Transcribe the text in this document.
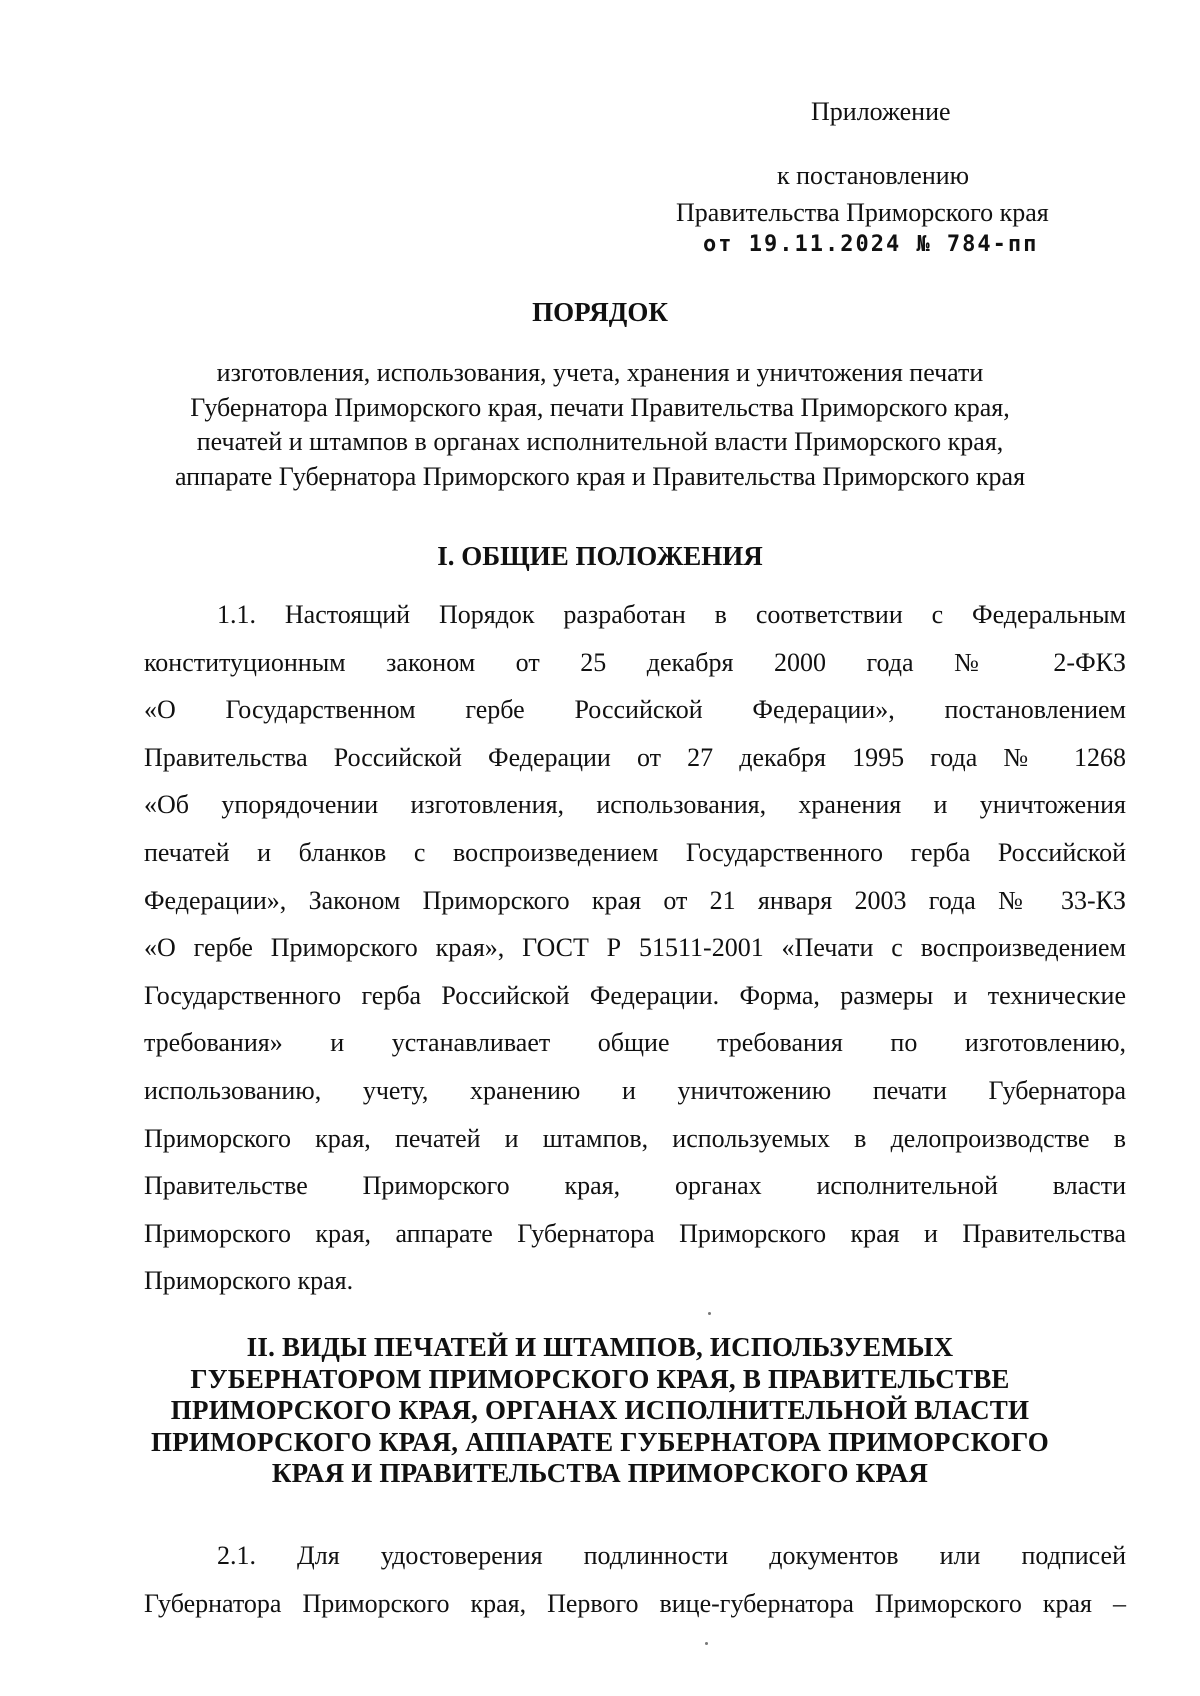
Приложение
к постановлению
Правительства Приморского края
от 19.11.2024 № 784-пп
ПОРЯДОК
изготовления, использования, учета, хранения и уничтожения печати
Губернатора Приморского края, печати Правительства Приморского края,
печатей и штампов в органах исполнительной власти Приморского края,
аппарате Губернатора Приморского края и Правительства Приморского края
I. ОБЩИЕ ПОЛОЖЕНИЯ
1.1. Настоящий Порядок разработан в соответствии с Федеральным
конституционным законом от 25 декабря 2000 года № 2-ФКЗ
«О Государственном гербе Российской Федерации», постановлением
Правительства Российской Федерации от 27 декабря 1995 года № 1268
«Об упорядочении изготовления, использования, хранения и уничтожения
печатей и бланков с воспроизведением Государственного герба Российской
Федерации», Законом Приморского края от 21 января 2003 года № 33-КЗ
«О гербе Приморского края», ГОСТ Р 51511-2001 «Печати с воспроизведением
Государственного герба Российской Федерации. Форма, размеры и технические
требования» и устанавливает общие требования по изготовлению,
использованию, учету, хранению и уничтожению печати Губернатора
Приморского края, печатей и штампов, используемых в делопроизводстве в
Правительстве Приморского края, органах исполнительной власти
Приморского края, аппарате Губернатора Приморского края и Правительства
Приморского края.
II. ВИДЫ ПЕЧАТЕЙ И ШТАМПОВ, ИСПОЛЬЗУЕМЫХ
ГУБЕРНАТОРОМ ПРИМОРСКОГО КРАЯ, В ПРАВИТЕЛЬСТВЕ
ПРИМОРСКОГО КРАЯ, ОРГАНАХ ИСПОЛНИТЕЛЬНОЙ ВЛАСТИ
ПРИМОРСКОГО КРАЯ, АППАРАТЕ ГУБЕРНАТОРА ПРИМОРСКОГО
КРАЯ И ПРАВИТЕЛЬСТВА ПРИМОРСКОГО КРАЯ
2.1. Для удостоверения подлинности документов или подписей
Губернатора Приморского края, Первого вице-губернатора Приморского края –
